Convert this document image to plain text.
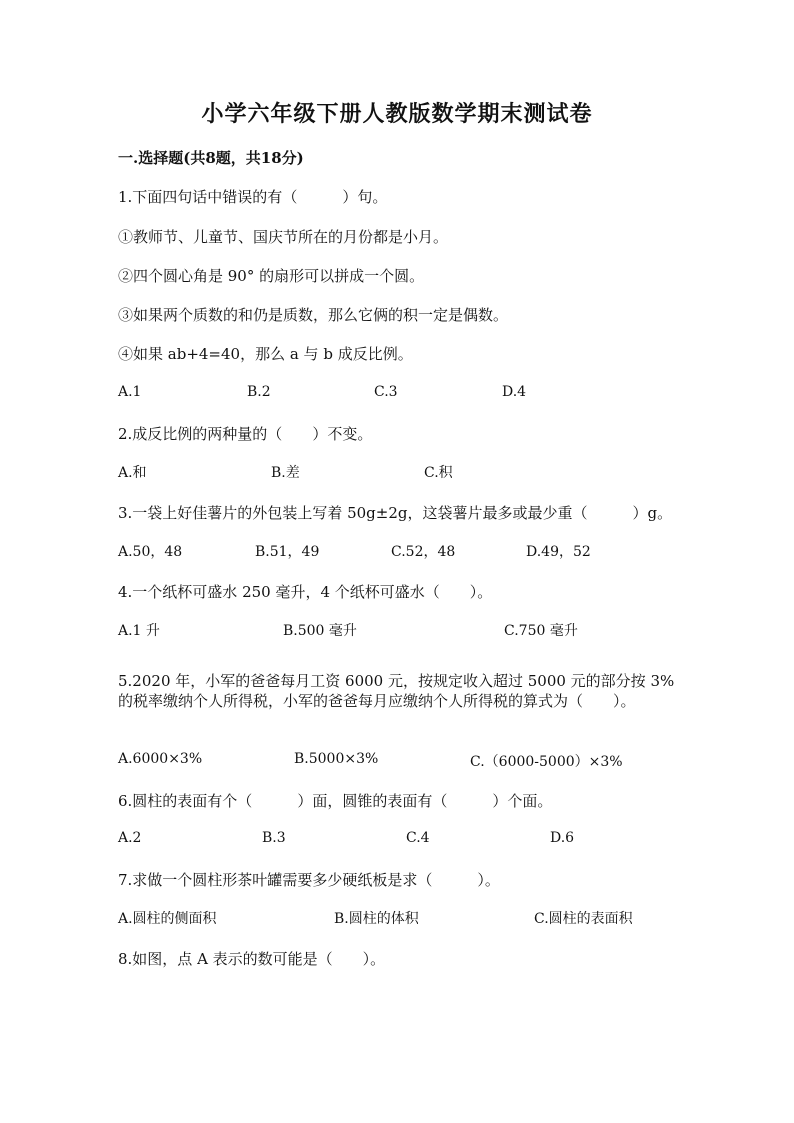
小学六年级下册人教版数学期末测试卷
一.选择题(共8题，共18分)
1.下面四句话中错误的有（　　　）句。
①教师节、儿童节、国庆节所在的月份都是小月。
②四个圆心角是 90° 的扇形可以拼成一个圆。
③如果两个质数的和仍是质数，那么它俩的积一定是偶数。
④如果 ab+4=40，那么 a 与 b 成反比例。
A.1	B.2	C.3	D.4
2.成反比例的两种量的（　　）不变。
A.和	B.差	C.积
3.一袋上好佳薯片的外包装上写着 50g±2g，这袋薯片最多或最少重（　　　）g。
A.50，48	B.51，49	C.52，48	D.49，52
4.一个纸杯可盛水 250 毫升，4 个纸杯可盛水（　　）。
A.1 升	B.500 毫升	C.750 毫升
5.2020 年，小军的爸爸每月工资 6000 元，按规定收入超过 5000 元的部分按 3%
的税率缴纳个人所得税，小军的爸爸每月应缴纳个人所得税的算式为（　　）。
A.6000×3%	B.5000×3%	C.（6000-5000）×3%
6.圆柱的表面有个（　　　）面，圆锥的表面有（　　　）个面。
A.2	B.3	C.4	D.6
7.求做一个圆柱形茶叶罐需要多少硬纸板是求（　　　）。
A.圆柱的侧面积	B.圆柱的体积	C.圆柱的表面积
8.如图，点 A 表示的数可能是（　　）。
